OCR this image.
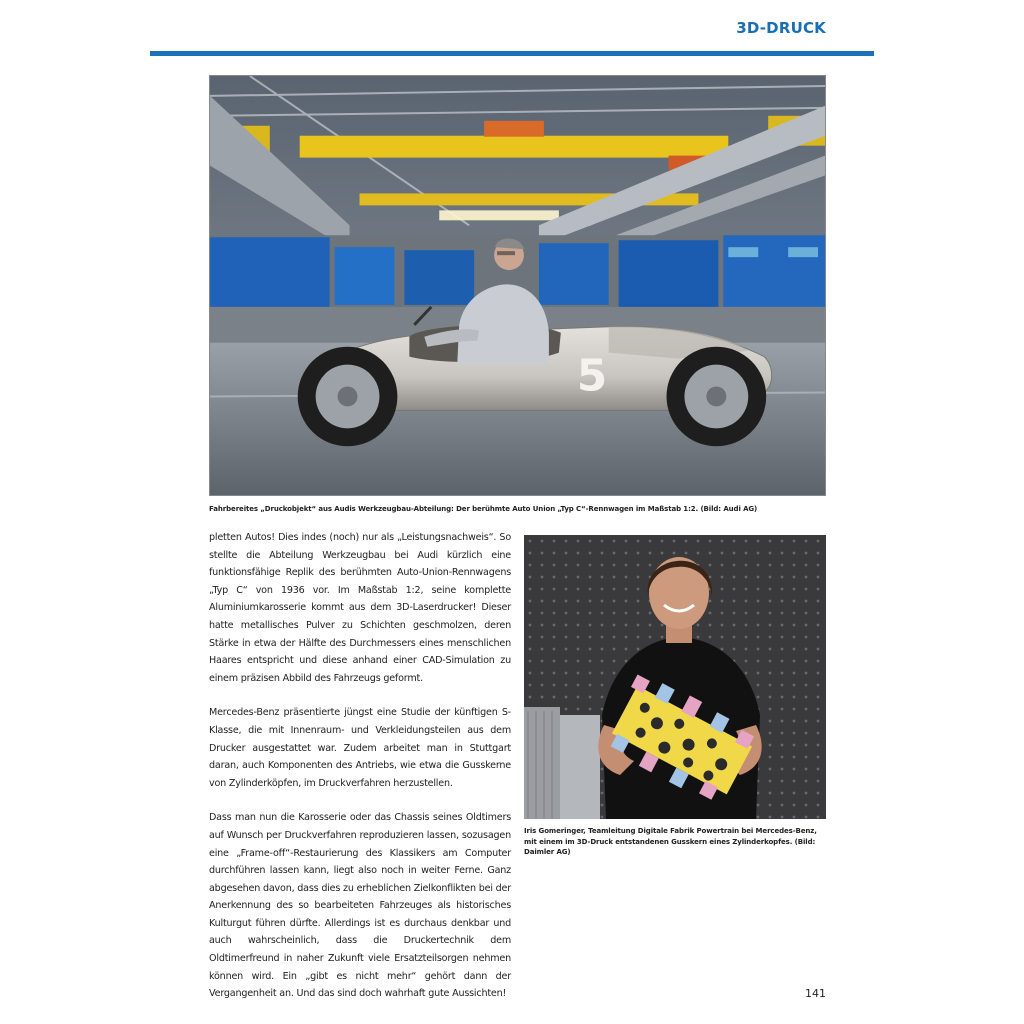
3D-DRUCK
5
Fahrbereites „Druckobjekt“ aus Audis Werkzeugbau-Abteilung: Der berühmte Auto Union „Typ C“-Rennwagen im Maßstab 1:2. (Bild: Audi AG)

pletten Autos! Dies indes (noch) nur als „Leistungsnachweis“. So stellte die Abteilung Werkzeugbau bei Audi kürzlich eine funktionsfähige Replik des berühmten Auto-Union-Rennwagens „Typ C“ von 1936 vor. Im Maßstab 1:2, seine komplette Aluminiumkarosserie kommt aus dem 3D-Laserdrucker! Dieser hatte metallisches Pulver zu Schichten geschmolzen, deren Stärke in etwa der Hälfte des Durchmessers eines menschlichen Haares entspricht und diese anhand einer CAD-Simulation zu einem präzisen Abbild des Fahrzeugs geformt.

Mercedes-Benz präsentierte jüngst eine Studie der künftigen S-Klasse, die mit Innenraum- und Verkleidungsteilen aus dem Drucker ausgestattet war. Zudem arbeitet man in Stuttgart daran, auch Komponenten des Antriebs, wie etwa die Gusskerne von Zylinderköpfen, im Druckverfahren herzustellen.

Dass man nun die Karosserie oder das Chassis seines Oldtimers auf Wunsch per Druckverfahren reproduzieren lassen, sozusagen eine „Frame-off“-Restaurierung des Klassikers am Computer durchführen lassen kann, liegt also noch in weiter Ferne. Ganz abgesehen davon, dass dies zu erheblichen Zielkonflikten bei der Anerkennung des so bearbeiteten Fahrzeuges als historisches Kulturgut führen dürfte. Allerdings ist es durchaus denkbar und auch wahrscheinlich, dass die Druckertechnik dem Oldtimerfreund in naher Zukunft viele Ersatzteilsorgen nehmen können wird. Ein „gibt es nicht mehr“ gehört dann der Vergangenheit an. Und das sind doch wahrhaft gute Aussichten!

Iris Gomeringer, Teamleitung Digitale Fabrik Powertrain bei Mercedes-Benz, mit einem im 3D-Druck entstandenen Gusskern eines Zylinderkopfes. (Bild: Daimler AG)
141
